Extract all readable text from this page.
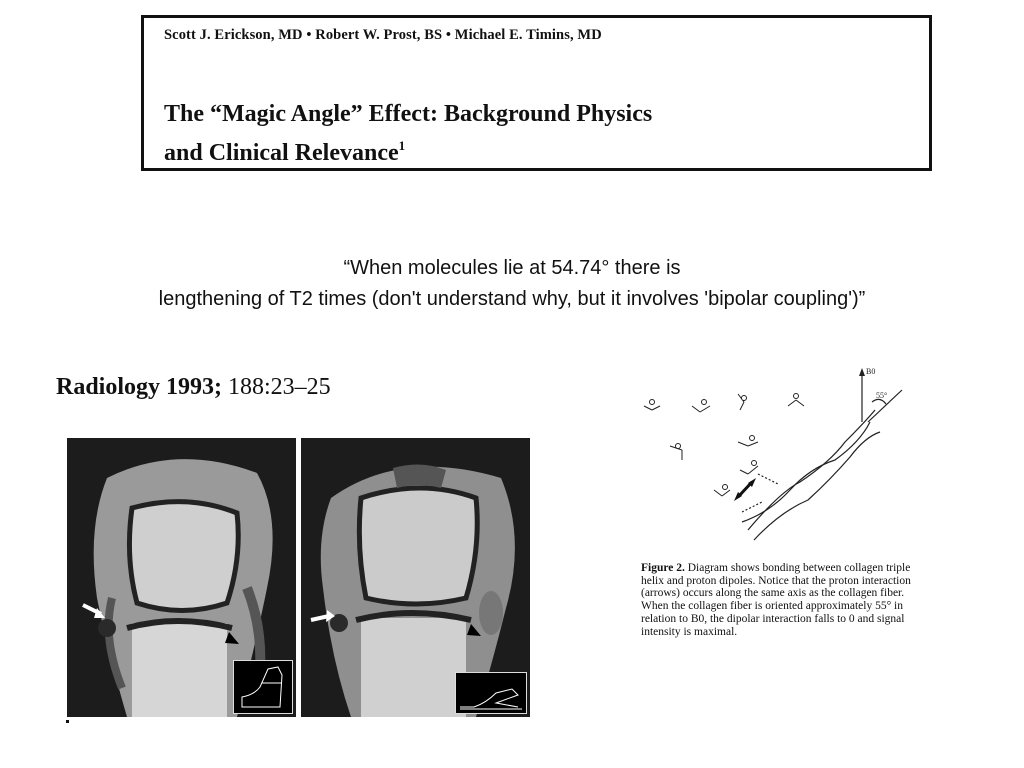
Scott J. Erickson, MD • Robert W. Prost, BS • Michael E. Timins, MD
The “Magic Angle” Effect: Background Physics
and Clinical Relevance$^1$
“When molecules lie at 54.74° there is
lengthening of T2 times (don't understand why, but it involves 'bipolar coupling')”
Radiology 1993; 188:23–25
B0
55°
Figure 2. Diagram shows bonding between collagen triple helix and proton dipoles. Notice that the proton interaction (arrows) occurs along the same axis as the collagen fiber. When the collagen fiber is oriented approximately 55° in relation to B0, the dipolar interaction falls to 0 and signal intensity is maximal.
